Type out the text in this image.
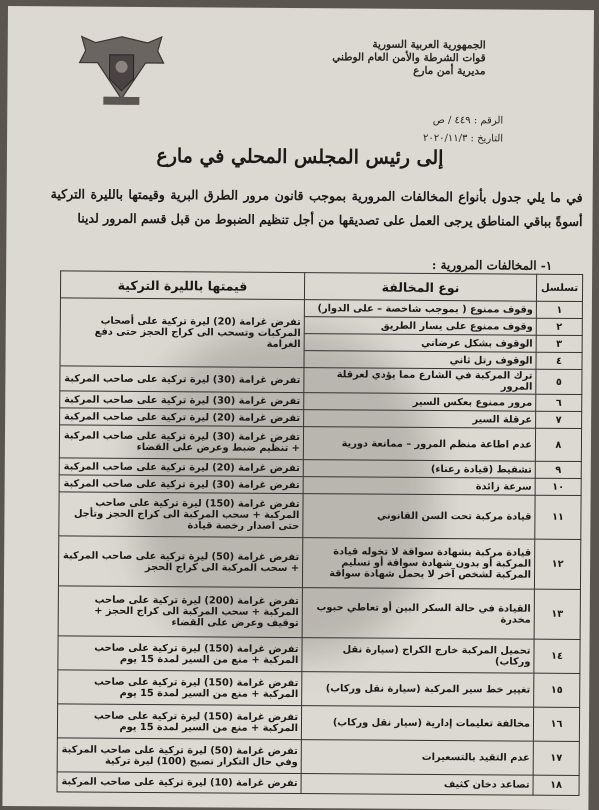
الجمهورية العربية السورية
قوات الشرطة والأمن العام الوطني
مديرية أمن مارع
الرقم : ٤٤٩ / ص
التاريخ : ٢٠٢٠/١١/٣
إلى رئيس المجلس المحلي في مارع
في ما يلي جدول بأنواع المخالفات المرورية بموجب قانون مرور الطرق البرية وقيمتها بالليرة التركية أسوةً بباقي المناطق يرجى العمل على تصديقها من أجل تنظيم الضبوط من قبل قسم المرور لدينا
١- المخالفات المرورية :
تسلسل	نوع المخالفة	قيمتها بالليرة التركية
١	وقوف ممنوع ( بموجب شاخصة – على الدوار)	تفرض غرامة (20) ليرة تركية على أصحاب المركبات وتسحب الى كراج الحجز حتى دفع الغرامة
٢	وقوف ممنوع على يسار الطريق	
٣	الوقوف بشكل عرضاني	
٤	الوقوف رتل ثاني	
٥	ترك المركبة في الشارع مما يؤدي لعرقلة المرور	تفرض غرامة (30) ليرة تركية على صاحب المركبة
٦	مرور ممنوع بعكس السير	تفرض غرامة (30) ليرة تركية على صاحب المركبة
٧	عرقلة السير	تفرض غرامة (20) ليرة تركية على صاحب المركبة
٨	عدم اطاعة منظم المرور – ممانعة دورية	تفرض غرامة (30) ليرة تركية على صاحب المركبة + تنظيم ضبط وعرض على القضاء
٩	تشفيط (قيادة رعناء)	تفرض غرامة (20) ليرة تركية على صاحب المركبة
١٠	سرعة زائدة	تفرض غرامة (30) ليرة تركية على صاحب المركبة
١١	قيادة مركبة تحت السن القانوني	تفرض غرامة (150) ليرة تركية على صاحب المركبة + سحب المركبة الى كراج الحجز وتأجل حتى اصدار رخصة قيادة
١٢	قيادة مركبة بشهادة سواقة لا تخوله قيادة المركبة أو بدون شهادة سواقة أو تسليم المركبة لشخص آخر لا يحمل شهادة سواقة	تفرض غرامة (50) ليرة تركية على صاحب المركبة + سحب المركبة الى كراج الحجز
١٣	القيادة في حالة السكر البين أو تعاطي حبوب مخدرة	تفرض غرامة (200) ليرة تركية على صاحب المركبة + سحب المركبة الى كراج الحجز + توقيف وعرض على القضاء
١٤	تحميل المركبة خارج الكراج (سيارة نقل وركاب)	تفرض غرامة (150) ليرة تركية على صاحب المركبة + منع من السير لمدة 15 يوم
١٥	تغيير خط سير المركبة (سيارة نقل وركاب)	تفرض غرامة (150) ليرة تركية على صاحب المركبة + منع من السير لمدة 15 يوم
١٦	مخالفة تعليمات إدارية (سيار نقل وركاب)	تفرض غرامة (150) ليرة تركية على صاحب المركبة + منع من السير لمدة 15 يوم
١٧	عدم التقيد بالتسعيرات	تفرض غرامة (50) ليرة تركية على صاحب المركبة وفي حال التكرار تصبح (100) ليرة تركية
١٨	تصاعد دخان كثيف	تفرض غرامة (10) ليرة تركية على صاحب المركبة
